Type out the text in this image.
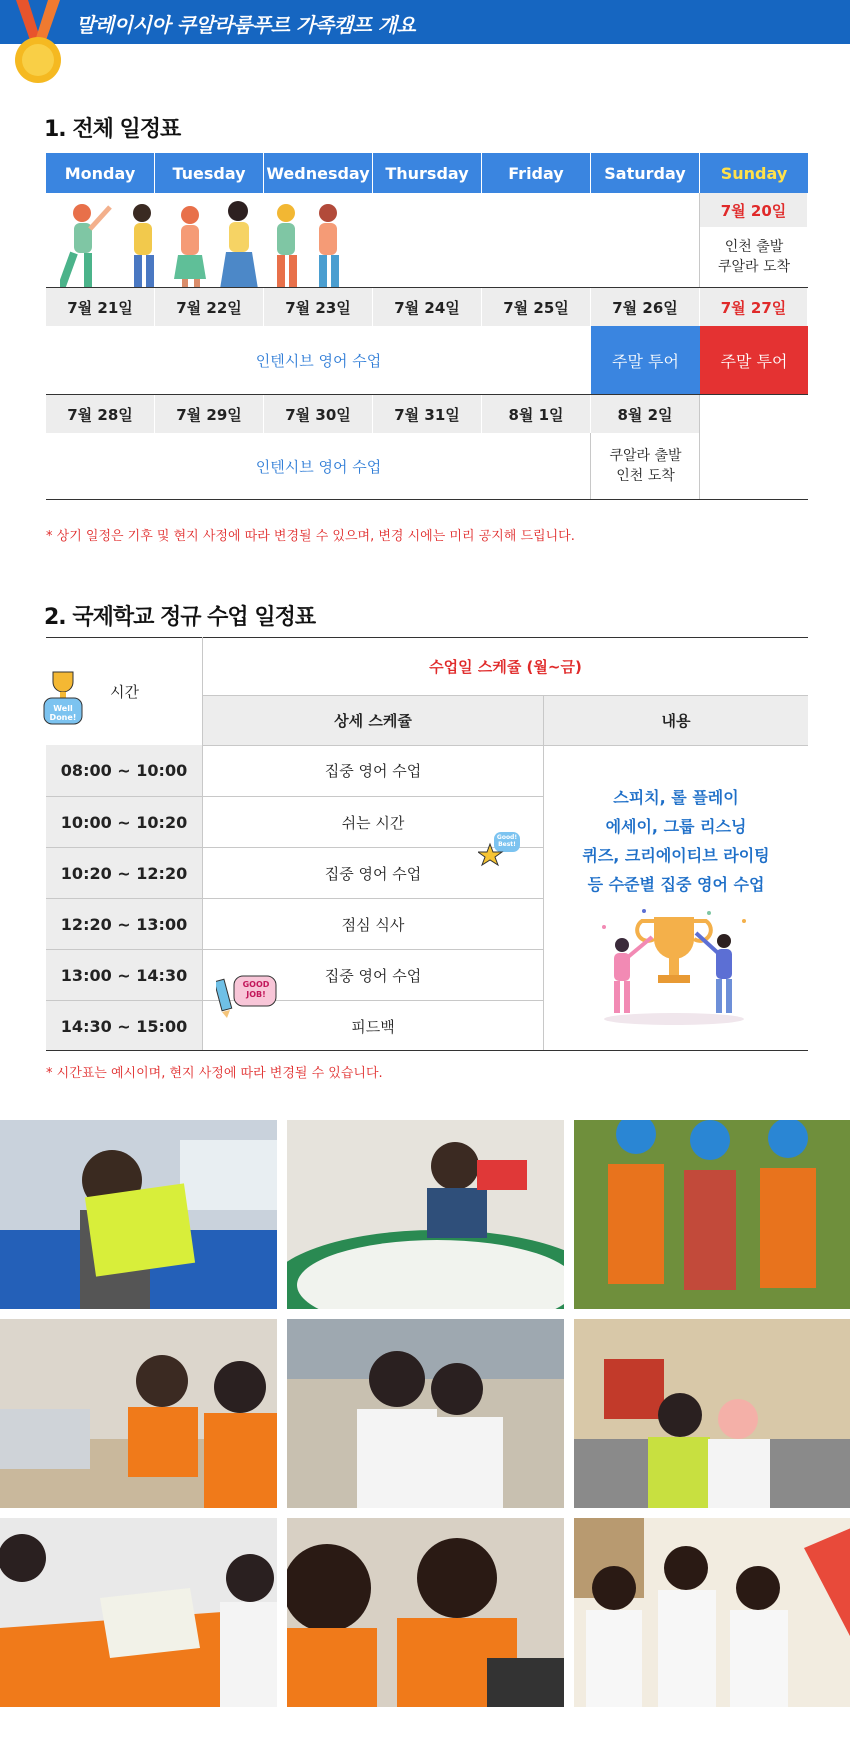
말레이시아 쿠알라룸푸르 가족캠프 개요
1. 전체 일정표
Monday	Tuesday	Wednesday Thursday	Friday	Saturday	Sunday
7월 20일
인천 출발
쿠알라 도착
7월 21일	7월 22일	7월 23일	7월 24일	7월 25일	7월 26일	7월 27일
인텐시브 영어 수업	주말 투어	주말 투어
7월 28일	7월 29일	7월 30일	7월 31일	8월 1일	8월 2일
인텐시브 영어 수업
쿠알라 출발
인천 도착
* 상기 일정은 기후 및 현지 사정에 따라 변경될 수 있으며, 변경 시에는 미리 공지해 드립니다.
2. 국제학교 정규 수업 일정표
시간
수업일 스케쥴 (월~금)
상세 스케쥴	내용
08:00 ~ 10:00	집중 영어 수업
10:00 ~ 10:20	쉬는 시간
10:20 ~ 12:20	집중 영어 수업
12:20 ~ 13:00	점심 식사
13:00 ~ 14:30	집중 영어 수업
14:30 ~ 15:00	피드백
스피치, 롤 플레이
에세이, 그룹 리스닝
퀴즈, 크리에이티브 라이팅
등 수준별 집중 영어 수업
Well Done!
Good! Best!
GOOD JOB!
* 시간표는 예시이며, 현지 사정에 따라 변경될 수 있습니다.
